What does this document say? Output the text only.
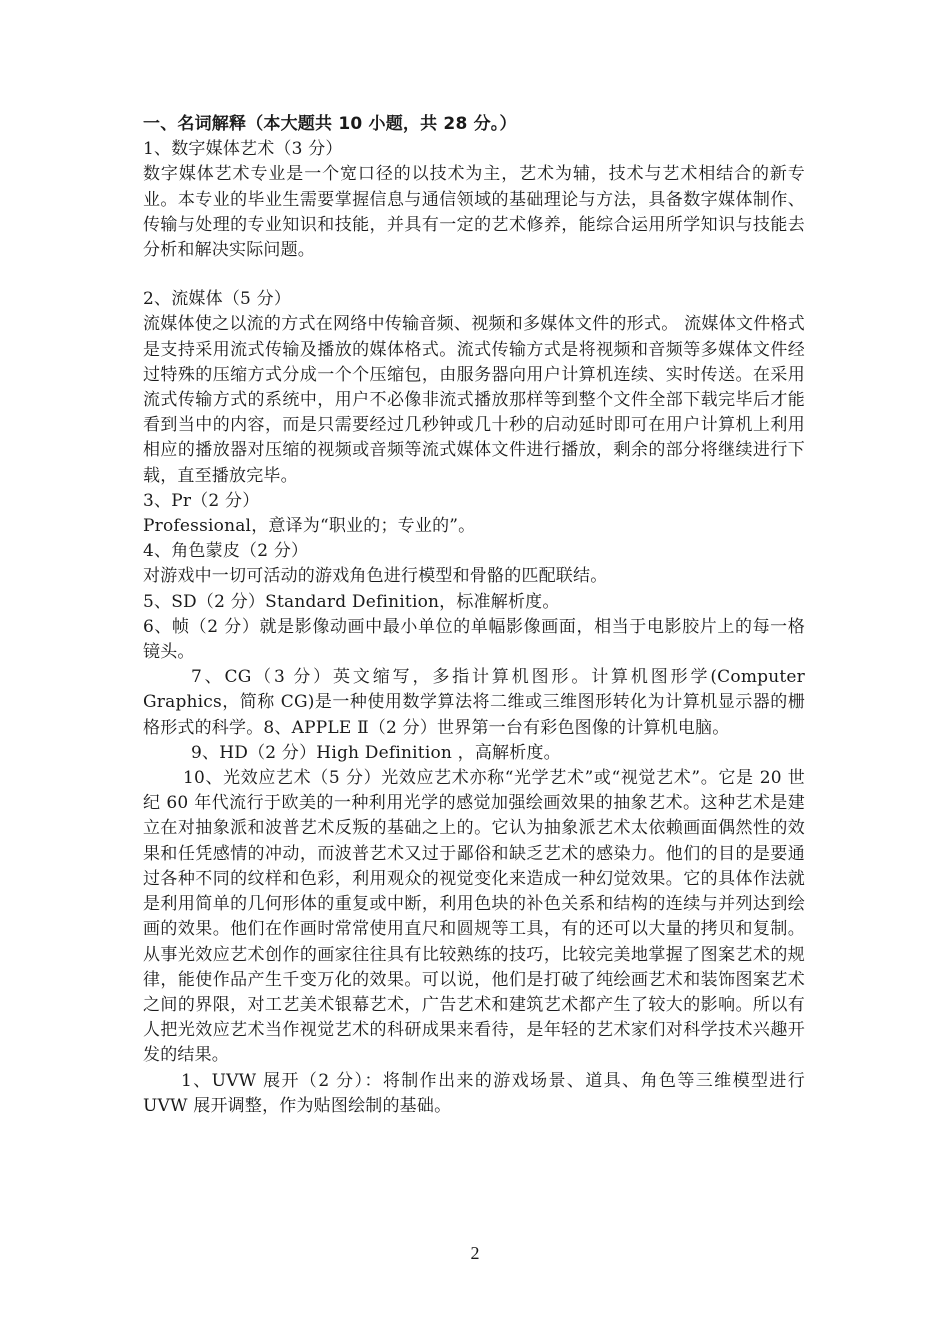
一、名词解释（本大题共 10 小题，共 28 分。）

1、数字媒体艺术（3 分）

数字媒体艺术专业是一个宽口径的以技术为主，艺术为辅，技术与艺术相结合的新专业。本专业的毕业生需要掌握信息与通信领域的基础理论与方法，具备数字媒体制作、传输与处理的专业知识和技能，并具有一定的艺术修养，能综合运用所学知识与技能去分析和解决实际问题。

2、流媒体（5 分）

流媒体使之以流的方式在网络中传输音频、视频和多媒体文件的形式。 流媒体文件格式是支持采用流式传输及播放的媒体格式。流式传输方式是将视频和音频等多媒体文件经过特殊的压缩方式分成一个个压缩包，由服务器向用户计算机连续、实时传送。在采用流式传输方式的系统中，用户不必像非流式播放那样等到整个文件全部下载完毕后才能看到当中的内容，而是只需要经过几秒钟或几十秒的启动延时即可在用户计算机上利用相应的播放器对压缩的视频或音频等流式媒体文件进行播放，剩余的部分将继续进行下载，直至播放完毕。

3、Pr（2 分）

Professional，意译为“职业的；专业的”。

4、角色蒙皮（2 分）

对游戏中一切可活动的游戏角色进行模型和骨骼的匹配联结。

5、SD（2 分）Standard Definition，标准解析度。

6、帧（2 分）就是影像动画中最小单位的单幅影像画面，相当于电影胶片上的每一格镜头。

7、CG（3 分）英文缩写，多指计算机图形。计算机图形学(Computer Graphics，简称 CG)是一种使用数学算法将二维或三维图形转化为计算机显示器的栅格形式的科学。8、APPLE Ⅱ（2 分）世界第一台有彩色图像的计算机电脑。

9、HD（2 分）High Definition ，高解析度。

10、光效应艺术（5 分）光效应艺术亦称“光学艺术”或“视觉艺术”。它是 20 世纪 60 年代流行于欧美的一种利用光学的感觉加强绘画效果的抽象艺术。这种艺术是建立在对抽象派和波普艺术反叛的基础之上的。它认为抽象派艺术太依赖画面偶然性的效果和任凭感情的冲动，而波普艺术又过于鄙俗和缺乏艺术的感染力。他们的目的是要通过各种不同的纹样和色彩，利用观众的视觉变化来造成一种幻觉效果。它的具体作法就是利用简单的几何形体的重复或中断，利用色块的补色关系和结构的连续与并列达到绘画的效果。他们在作画时常常使用直尺和圆规等工具，有的还可以大量的拷贝和复制。从事光效应艺术创作的画家往往具有比较熟练的技巧，比较完美地掌握了图案艺术的规律，能使作品产生千变万化的效果。可以说，他们是打破了纯绘画艺术和装饰图案艺术之间的界限，对工艺美术银幕艺术，广告艺术和建筑艺术都产生了较大的影响。所以有人把光效应艺术当作视觉艺术的科研成果来看待，是年轻的艺术家们对科学技术兴趣开发的结果。

1、UVW 展开（2 分）：将制作出来的游戏场景、道具、角色等三维模型进行 UVW 展开调整，作为贴图绘制的基础。

2
